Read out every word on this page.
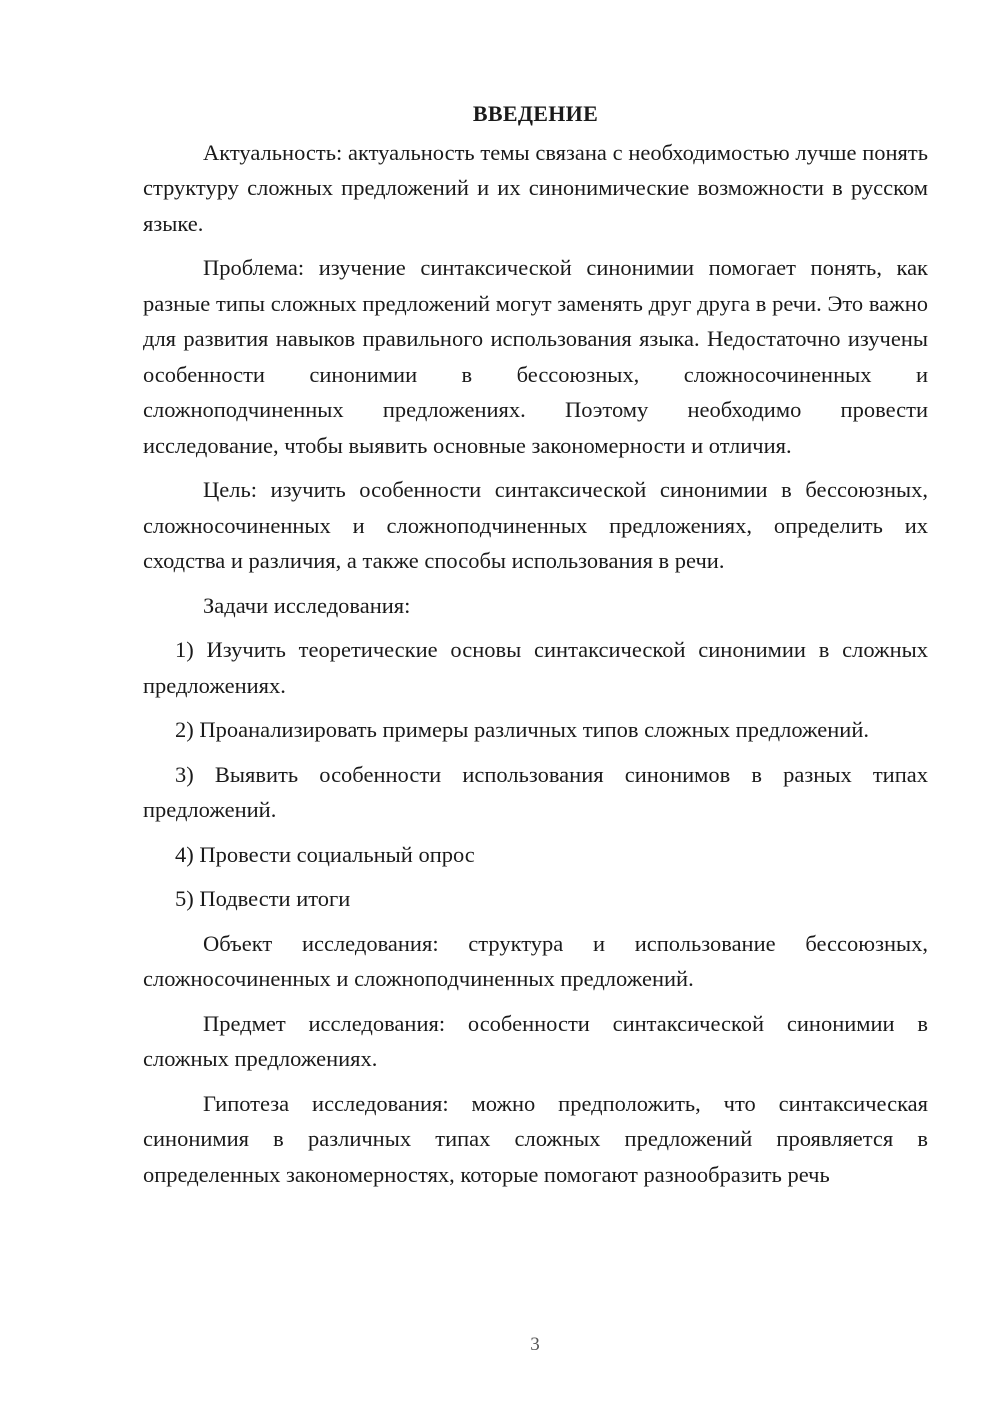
ВВЕДЕНИЕ

Актуальность: актуальность темы связана с необходимостью лучше понять структуру сложных предложений и их синонимические возможности в русском языке.

Проблема: изучение синтаксической синонимии помогает понять, как разные типы сложных предложений могут заменять друг друга в речи. Это важно для развития навыков правильного использования языка. Недостаточно изучены особенности синонимии в бессоюзных, сложносочиненных и сложноподчиненных предложениях. Поэтому необходимо провести исследование, чтобы выявить основные закономерности и отличия.

Цель: изучить особенности синтаксической синонимии в бессоюзных, сложносочиненных и сложноподчиненных предложениях, определить их сходства и различия, а также способы использования в речи.

Задачи исследования:

1) Изучить теоретические основы синтаксической синонимии в сложных предложениях.

2) Проанализировать примеры различных типов сложных предложений.

3) Выявить особенности использования синонимов в разных типах предложений.

4) Провести социальный опрос

5) Подвести итоги

Объект исследования: структура и использование бессоюзных, сложносочиненных и сложноподчиненных предложений.

Предмет исследования: особенности синтаксической синонимии в сложных предложениях.

Гипотеза исследования: можно предположить, что синтаксическая синонимия в различных типах сложных предложений проявляется в определенных закономерностях, которые помогают разнообразить речь

3
